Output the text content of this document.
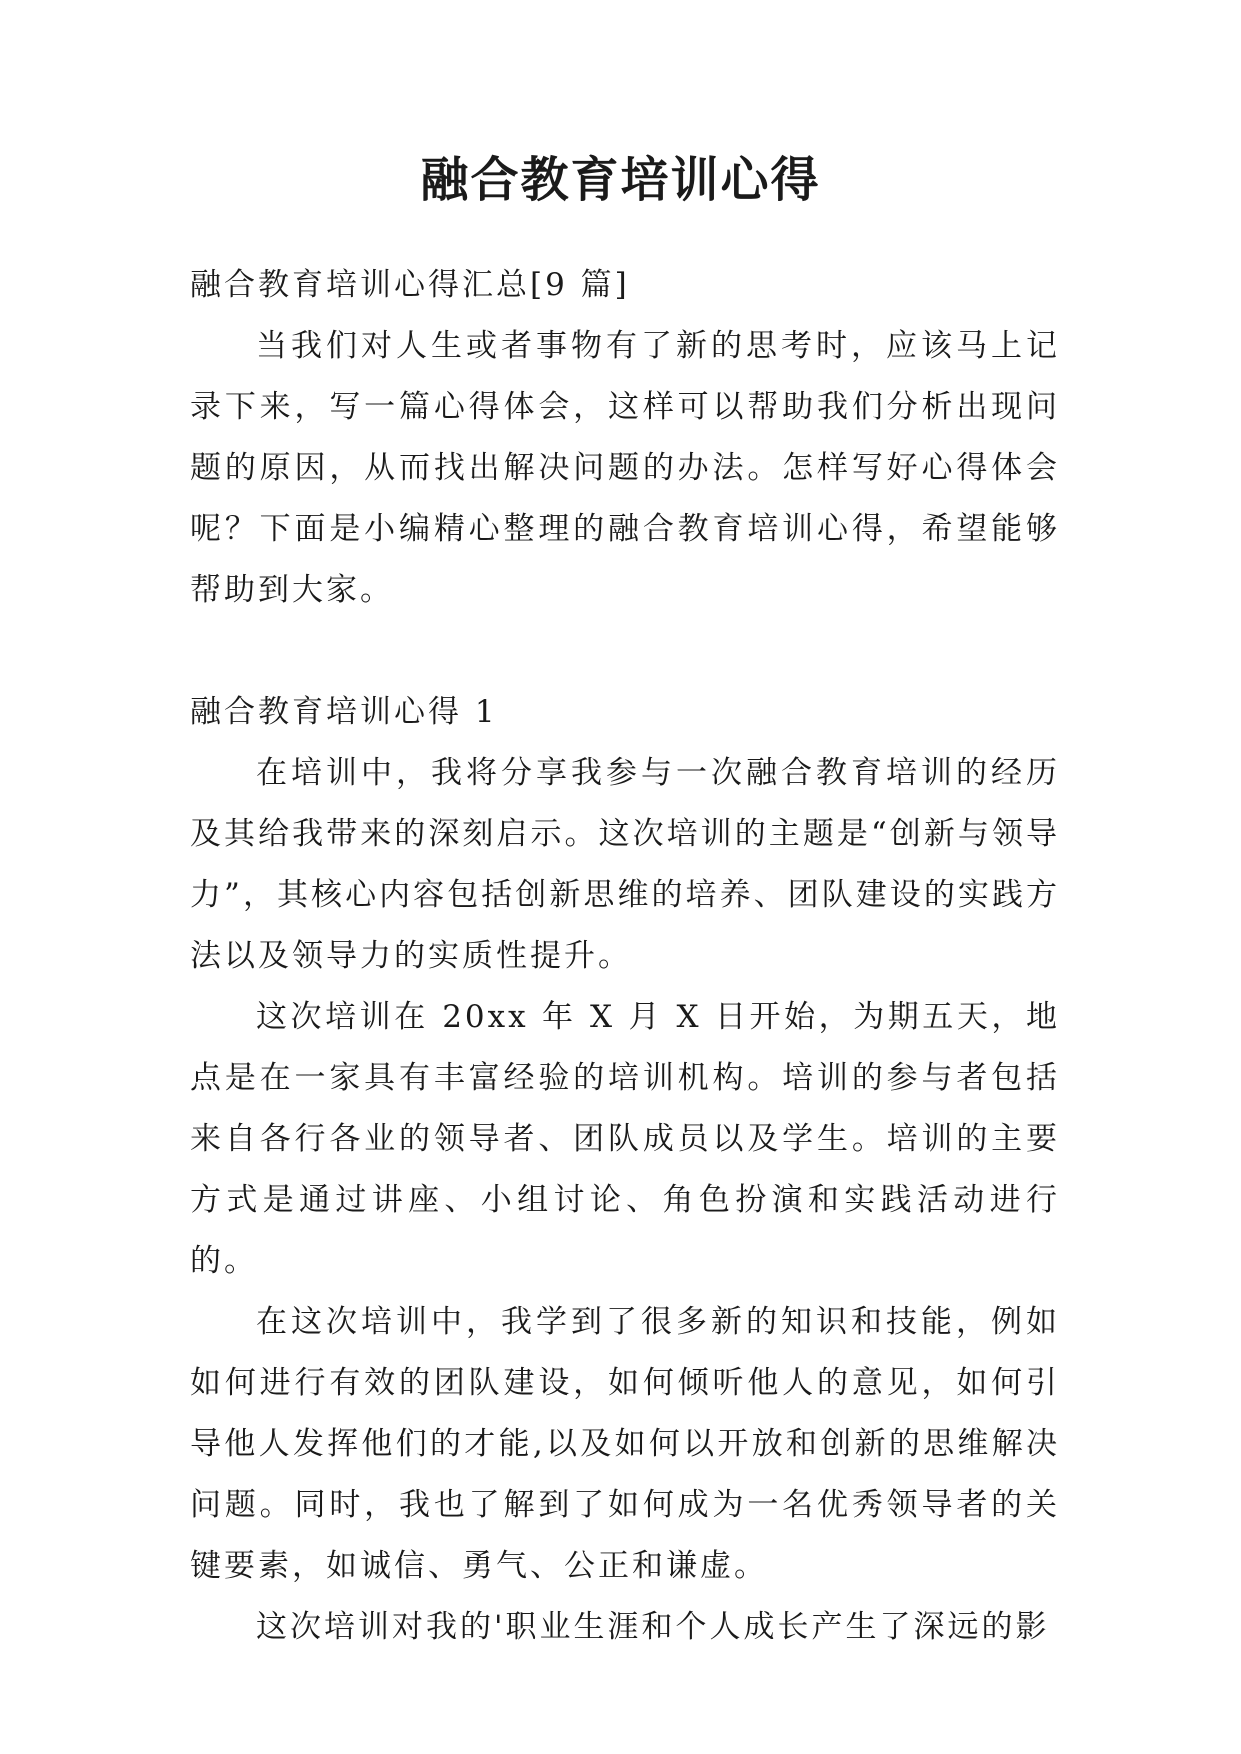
融合教育培训心得

融合教育培训心得汇总[9 篇]

当我们对人生或者事物有了新的思考时，应该马上记录下来，写一篇心得体会，这样可以帮助我们分析出现问题的原因，从而找出解决问题的办法。怎样写好心得体会呢？下面是小编精心整理的融合教育培训心得，希望能够帮助到大家。

融合教育培训心得 1

在培训中，我将分享我参与一次融合教育培训的经历及其给我带来的深刻启示。这次培训的主题是“创新与领导力”，其核心内容包括创新思维的培养、团队建设的实践方法以及领导力的实质性提升。

这次培训在 20xx 年 X 月 X 日开始，为期五天，地点是在一家具有丰富经验的培训机构。培训的参与者包括来自各行各业的领导者、团队成员以及学生。培训的主要方式是通过讲座、小组讨论、角色扮演和实践活动进行的。

在这次培训中，我学到了很多新的知识和技能，例如如何进行有效的团队建设，如何倾听他人的意见，如何引导他人发挥他们的才能,以及如何以开放和创新的思维解决问题。同时，我也了解到了如何成为一名优秀领导者的关键要素，如诚信、勇气、公正和谦虚。

这次培训对我的'职业生涯和个人成长产生了深远的影
